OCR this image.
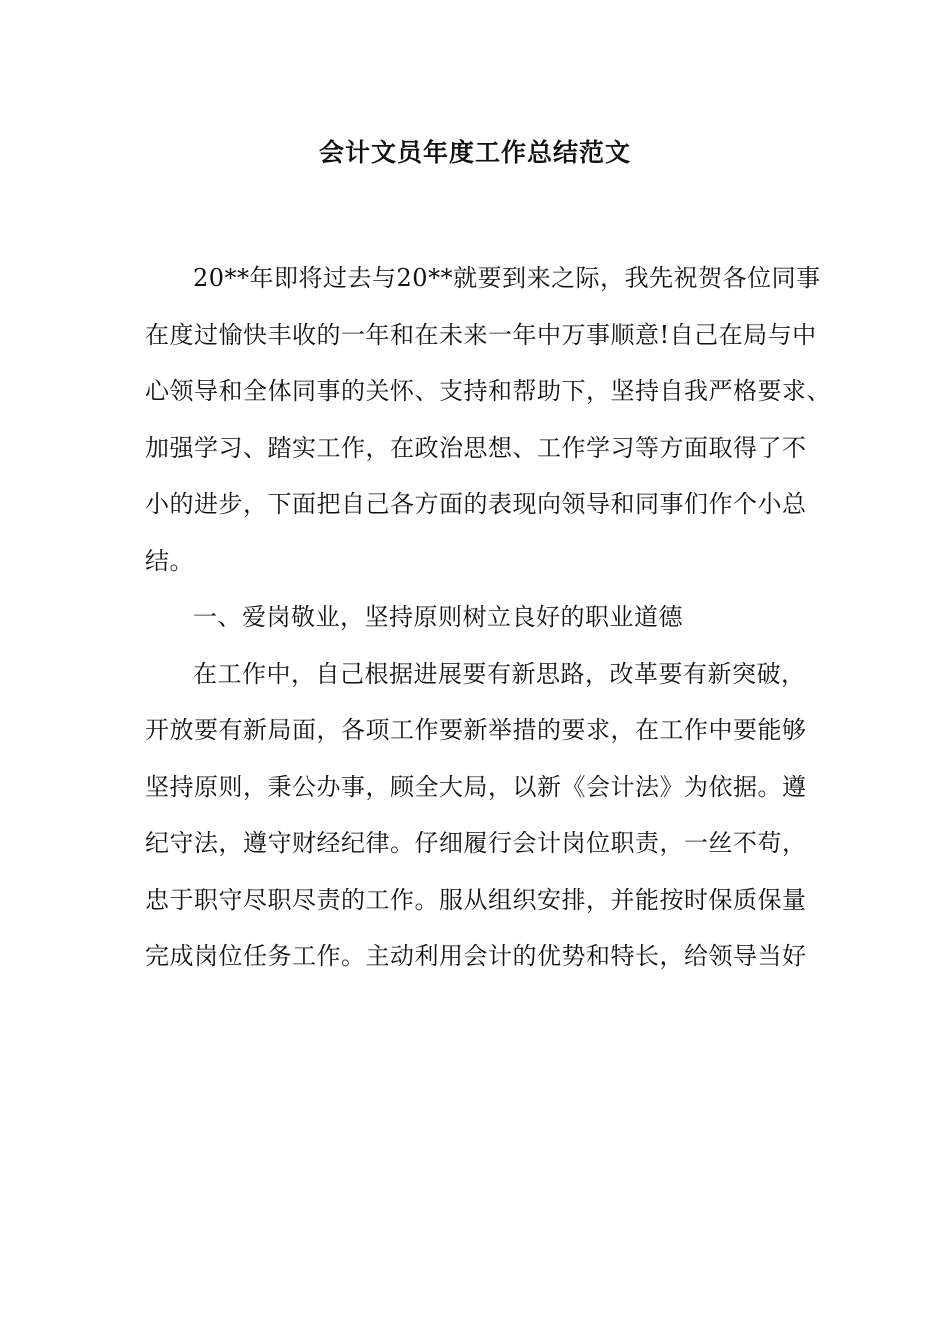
会计文员年度工作总结范文
20**年即将过去与20**就要到来之际，我先祝贺各位同事
在度过愉快丰收的一年和在未来一年中万事顺意!自己在局与中
心领导和全体同事的关怀、支持和帮助下，坚持自我严格要求、
加强学习、踏实工作，在政治思想、工作学习等方面取得了不
小的进步，下面把自己各方面的表现向领导和同事们作个小总
结。
一、爱岗敬业，坚持原则树立良好的职业道德
在工作中，自己根据进展要有新思路，改革要有新突破，
开放要有新局面，各项工作要新举措的要求，在工作中要能够
坚持原则，秉公办事，顾全大局，以新《会计法》为依据。遵
纪守法，遵守财经纪律。仔细履行会计岗位职责，一丝不苟，
忠于职守尽职尽责的工作。服从组织安排，并能按时保质保量
完成岗位任务工作。主动利用会计的优势和特长，给领导当好
